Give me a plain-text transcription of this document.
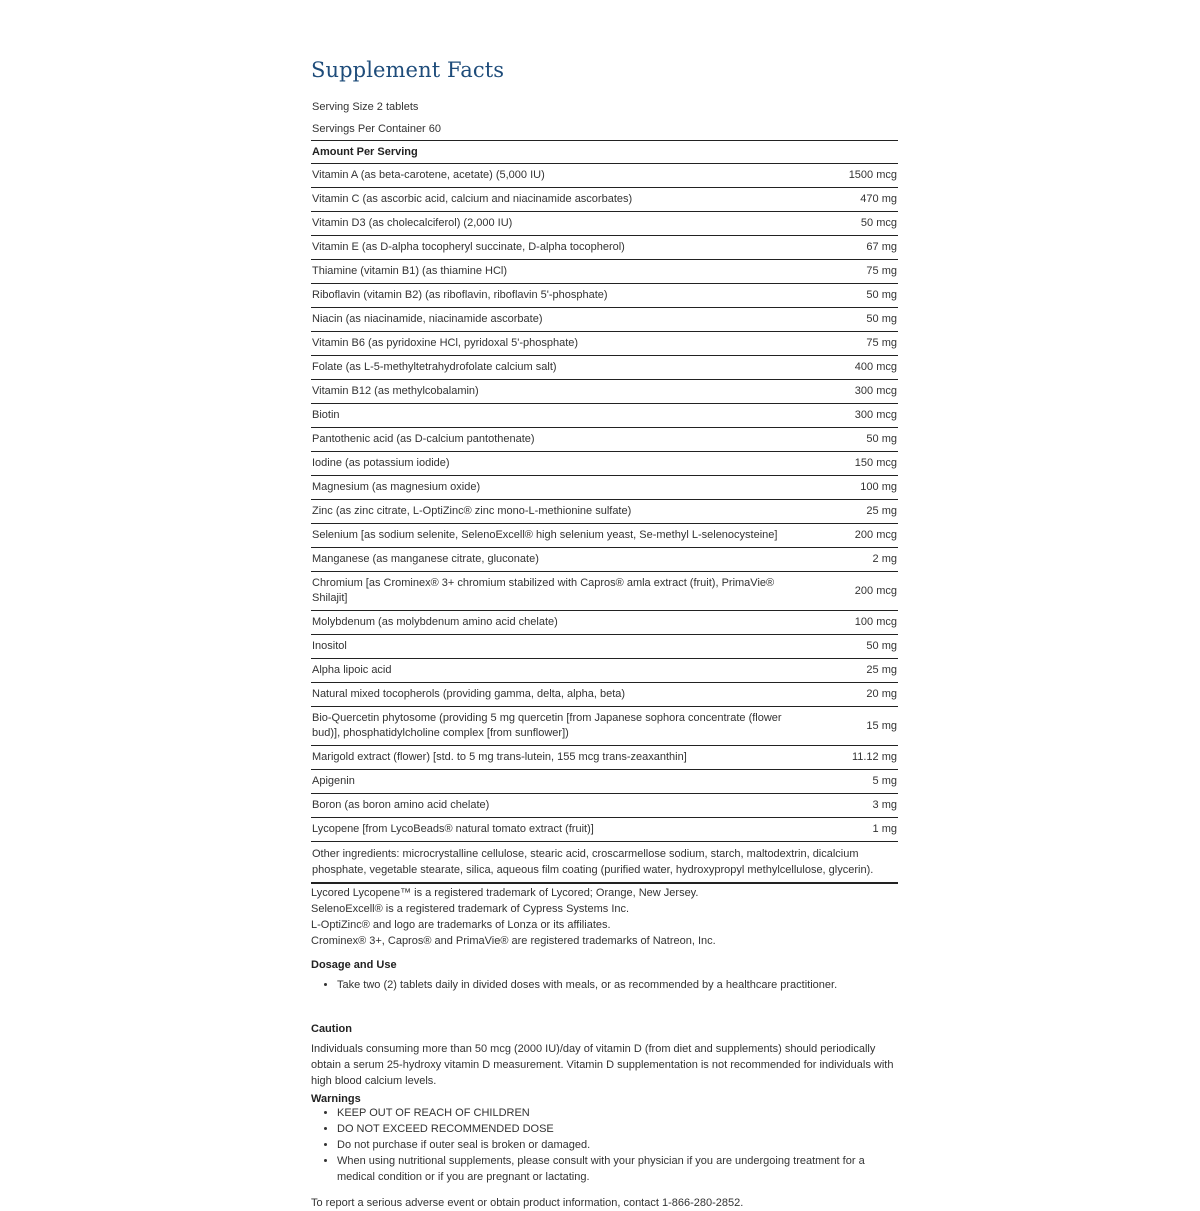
Supplement Facts
Serving Size 2 tablets
Servings Per Container 60
Amount Per Serving
Vitamin A (as beta-carotene, acetate) (5,000 IU)	1500 mcg
Vitamin C (as ascorbic acid, calcium and niacinamide ascorbates)	470 mg
Vitamin D3 (as cholecalciferol) (2,000 IU)	50 mcg
Vitamin E (as D-alpha tocopheryl succinate, D-alpha tocopherol)	67 mg
Thiamine (vitamin B1) (as thiamine HCl)	75 mg
Riboflavin (vitamin B2) (as riboflavin, riboflavin 5'-phosphate)	50 mg
Niacin (as niacinamide, niacinamide ascorbate)	50 mg
Vitamin B6 (as pyridoxine HCl, pyridoxal 5'-phosphate)	75 mg
Folate (as L-5-methyltetrahydrofolate calcium salt)	400 mcg
Vitamin B12 (as methylcobalamin)	300 mcg
Biotin	300 mcg
Pantothenic acid (as D-calcium pantothenate)	50 mg
Iodine (as potassium iodide)	150 mcg
Magnesium (as magnesium oxide)	100 mg
Zinc (as zinc citrate, L-OptiZinc® zinc mono-L-methionine sulfate)	25 mg
Selenium [as sodium selenite, SelenoExcell® high selenium yeast, Se-methyl L-selenocysteine]	200 mcg
Manganese (as manganese citrate, gluconate)	2 mg
Chromium [as Crominex® 3+ chromium stabilized with Capros® amla extract (fruit), PrimaVie® Shilajit]	200 mcg
Molybdenum (as molybdenum amino acid chelate)	100 mcg
Inositol	50 mg
Alpha lipoic acid	25 mg
Natural mixed tocopherols (providing gamma, delta, alpha, beta)	20 mg
Bio-Quercetin phytosome (providing 5 mg quercetin [from Japanese sophora concentrate (flower bud)], phosphatidylcholine complex [from sunflower])	15 mg
Marigold extract (flower) [std. to 5 mg trans-lutein, 155 mcg trans-zeaxanthin]	11.12 mg
Apigenin	5 mg
Boron (as boron amino acid chelate)	3 mg
Lycopene [from LycoBeads® natural tomato extract (fruit)]	1 mg
Other ingredients: microcrystalline cellulose, stearic acid, croscarmellose sodium, starch, maltodextrin, dicalcium phosphate, vegetable stearate, silica, aqueous film coating (purified water, hydroxypropyl methylcellulose, glycerin).
Lycored Lycopene™ is a registered trademark of Lycored; Orange, New Jersey.
SelenoExcell® is a registered trademark of Cypress Systems Inc.
L-OptiZinc® and logo are trademarks of Lonza or its affiliates.
Crominex® 3+, Capros® and PrimaVie® are registered trademarks of Natreon, Inc.
Dosage and Use
• Take two (2) tablets daily in divided doses with meals, or as recommended by a healthcare practitioner.
Caution
Individuals consuming more than 50 mcg (2000 IU)/day of vitamin D (from diet and supplements) should periodically obtain a serum 25-hydroxy vitamin D measurement. Vitamin D supplementation is not recommended for individuals with high blood calcium levels.
Warnings
• KEEP OUT OF REACH OF CHILDREN
• DO NOT EXCEED RECOMMENDED DOSE
• Do not purchase if outer seal is broken or damaged.
• When using nutritional supplements, please consult with your physician if you are undergoing treatment for a medical condition or if you are pregnant or lactating.
To report a serious adverse event or obtain product information, contact 1-866-280-2852.
